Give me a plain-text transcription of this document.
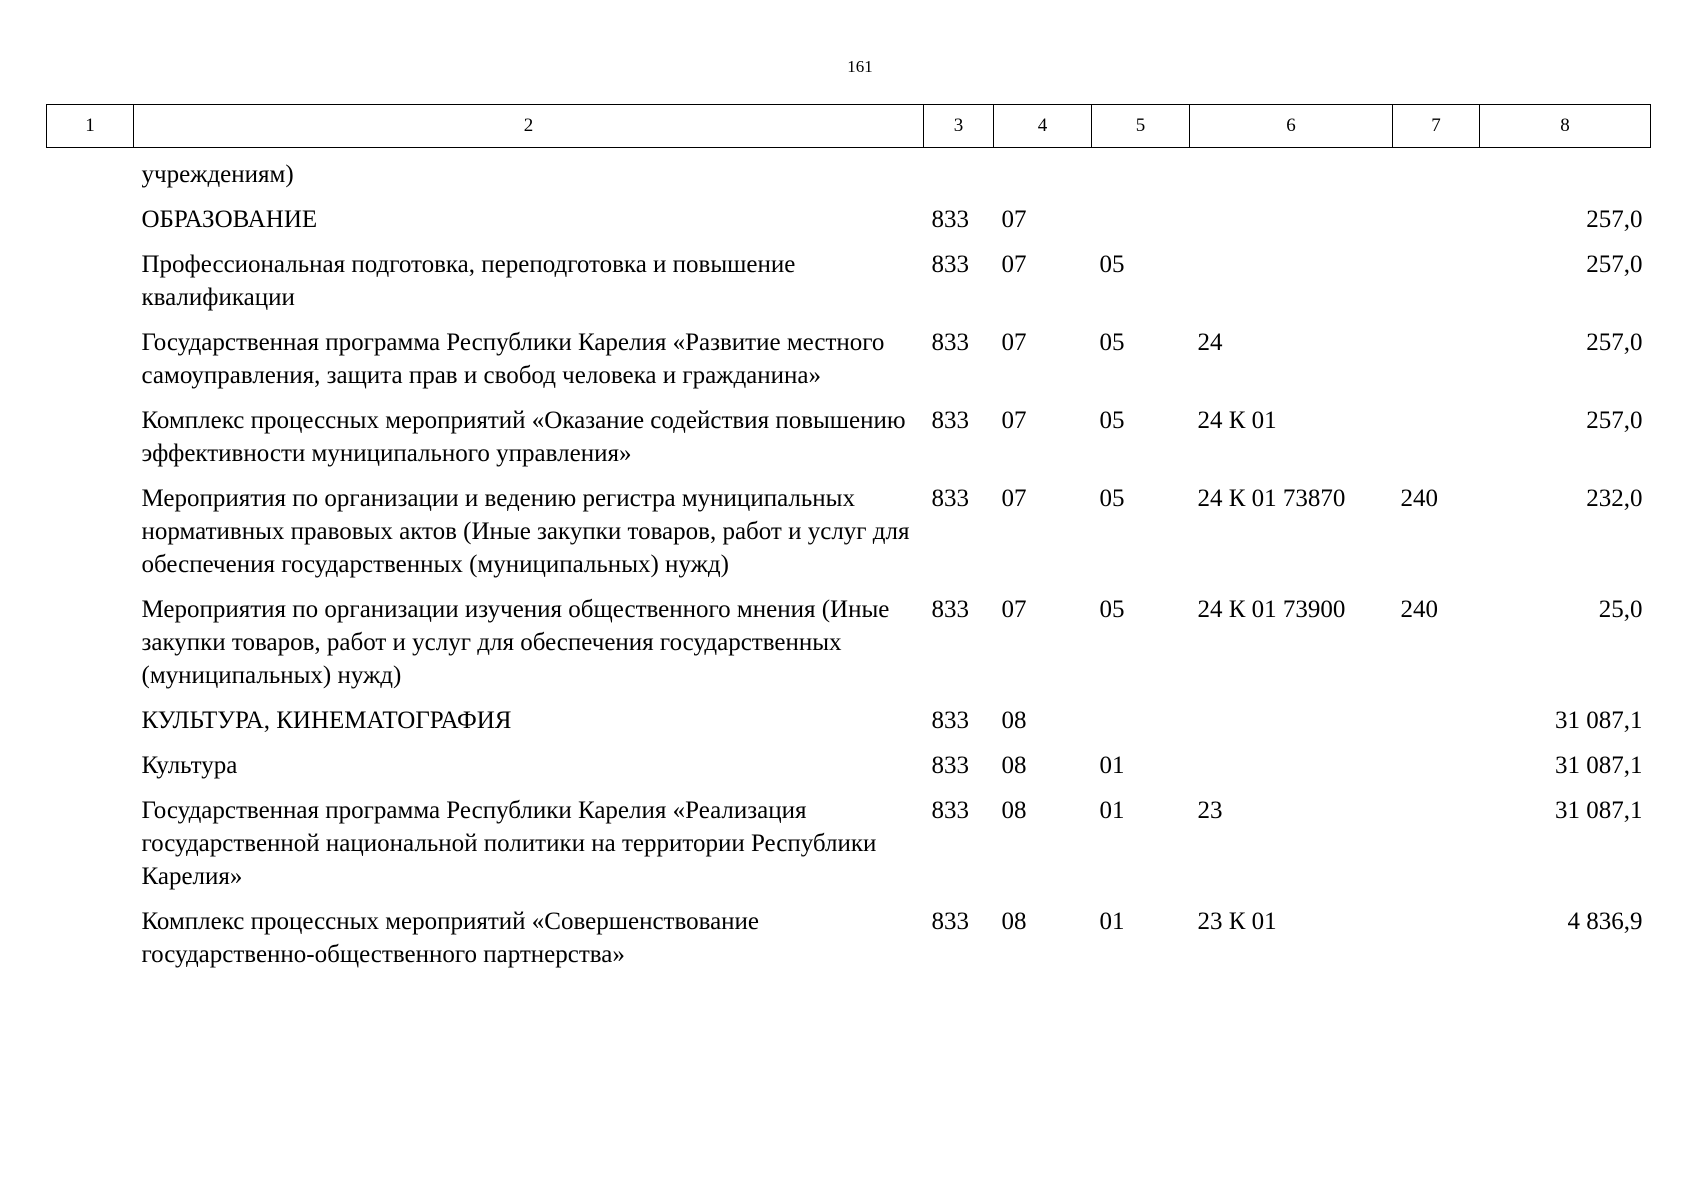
161
1	2	3	4	5	6	7	8
	учреждениям)						
	ОБРАЗОВАНИЕ	833	07				257,0
	Профессиональная подготовка, переподготовка и повышение квалификации	833	07	05			257,0
	Государственная программа Республики Карелия «Развитие местного самоуправления, защита прав и свобод человека и гражданина»	833	07	05	24		257,0
	Комплекс процессных мероприятий «Оказание содействия повышению эффективности муниципального управления»	833	07	05	24 К 01		257,0
	Мероприятия по организации и ведению регистра муниципальных нормативных правовых актов (Иные закупки товаров, работ и услуг для обеспечения государственных (муниципальных) нужд)	833	07	05	24 К 01 73870	240	232,0
	Мероприятия по организации изучения общественного мнения (Иные закупки товаров, работ и услуг для обеспечения государственных (муниципальных) нужд)	833	07	05	24 К 01 73900	240	25,0
	КУЛЬТУРА, КИНЕМАТОГРАФИЯ	833	08				31 087,1
	Культура	833	08	01			31 087,1
	Государственная программа Республики Карелия «Реализация государственной национальной политики на территории Республики Карелия»	833	08	01	23		31 087,1
	Комплекс процессных мероприятий «Совершенствование государственно-общественного партнерства»	833	08	01	23 К 01		4 836,9
